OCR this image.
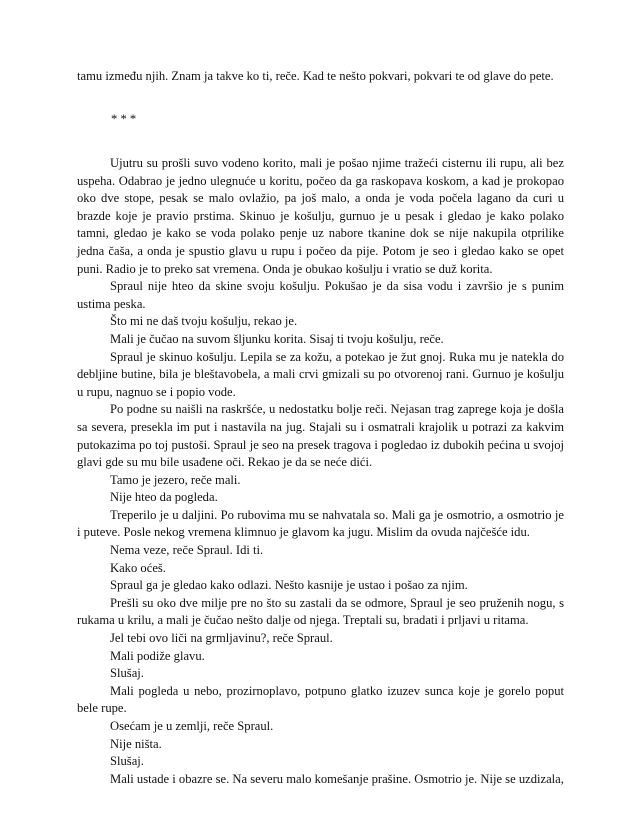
tamu između njih. Znam ja takve ko ti, reče. Kad te nešto pokvari, pokvari te od glave do pete.

* * *

Ujutru su prošli suvo vodeno korito, mali je pošao njime tražeći cisternu ili rupu, ali bez uspeha. Odabrao je jedno ulegnuće u koritu, počeo da ga raskopava koskom, a kad je prokopao oko dve stope, pesak se malo ovlažio, pa još malo, a onda je voda počela lagano da curi u brazde koje je pravio prstima. Skinuo je košulju, gurnuo je u pesak i gledao je kako polako tamni, gledao je kako se voda polako penje uz nabore tkanine dok se nije nakupila otprilike jedna čaša, a onda je spustio glavu u rupu i počeo da pije. Potom je seo i gledao kako se opet puni. Radio je to preko sat vremena. Onda je obukao košulju i vratio se duž korita.

Spraul nije hteo da skine svoju košulju. Pokušao je da sisa vodu i završio je s punim ustima peska.

Što mi ne daš tvoju košulju, rekao je.

Mali je čučao na suvom šljunku korita. Sisaj ti tvoju košulju, reče.

Spraul je skinuo košulju. Lepila se za kožu, a potekao je žut gnoj. Ruka mu je natekla do debljine butine, bila je bleštavobela, a mali crvi gmizali su po otvorenoj rani. Gurnuo je košulju u rupu, nagnuo se i popio vode.

Po podne su naišli na raskršće, u nedostatku bolje reči. Nejasan trag zaprege koja je došla sa severa, presekla im put i nastavila na jug. Stajali su i osmatrali krajolik u potrazi za kakvim putokazima po toj pustoši. Spraul je seo na presek tragova i pogledao iz dubokih pećina u svojoj glavi gde su mu bile usađene oči. Rekao je da se neće dići.

Tamo je jezero, reče mali.

Nije hteo da pogleda.

Treperilo je u daljini. Po rubovima mu se nahvatala so. Mali ga je osmotrio, a osmotrio je i puteve. Posle nekog vremena klimnuo je glavom ka jugu. Mislim da ovuda najčešće idu.

Nema veze, reče Spraul. Idi ti.

Kako oćeš.

Spraul ga je gledao kako odlazi. Nešto kasnije je ustao i pošao za njim.

Prešli su oko dve milje pre no što su zastali da se odmore, Spraul je seo pruženih nogu, s rukama u krilu, a mali je čučao nešto dalje od njega. Treptali su, bradati i prljavi u ritama.

Jel tebi ovo liči na grmljavinu?, reče Spraul.

Mali podiže glavu.

Slušaj.

Mali pogleda u nebo, prozirnoplavo, potpuno glatko izuzev sunca koje je gorelo poput bele rupe.

Osećam je u zemlji, reče Spraul.

Nije ništa.

Slušaj.

Mali ustade i obazre se. Na severu malo komešanje prašine. Osmotrio je. Nije se uzdizala,
